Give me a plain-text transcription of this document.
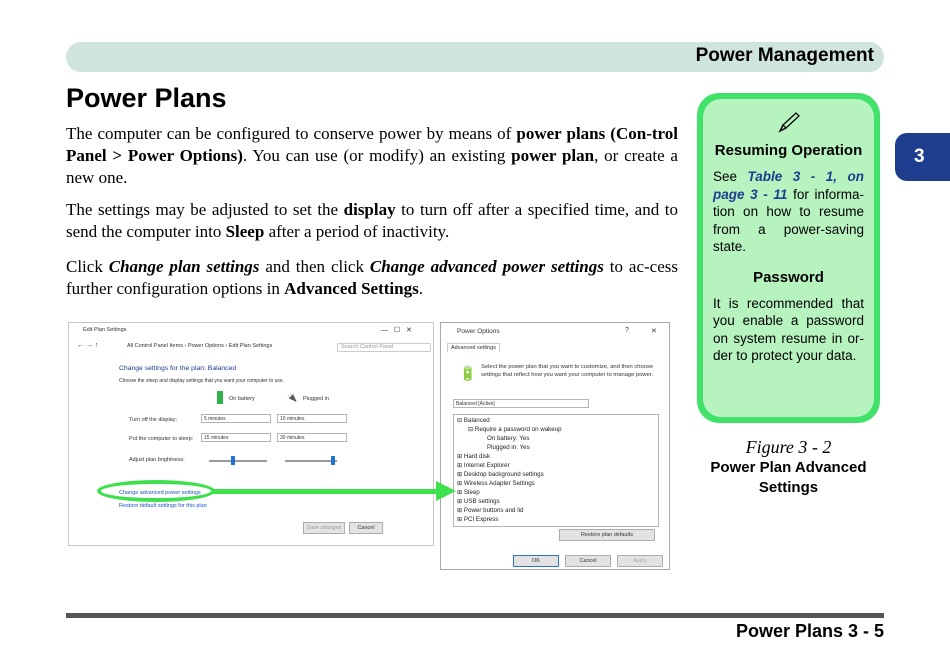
Power Management
3
Power Plans

The computer can be configured to conserve power by means of power plans (Con-trol Panel > Power Options). You can use (or modify) an existing power plan, or create a new one.

The settings may be adjusted to set the display to turn off after a specified time, and to send the computer into Sleep after a period of inactivity.

Click Change plan settings and then click Change advanced power settings to ac-cess further configuration options in Advanced Settings.

Resuming Operation

See Table 3 - 1, on page 3 - 11 for informa-tion on how to resume from a power-saving state.

Password

It is recommended that you enable a password on system resume in or-der to protect your data.

Figure 3 - 2
Power Plan Advanced Settings
Edit Plan Settings	—   ☐   ✕
← → ↑	All Control Panel Items › Power Options › Edit Plan Settings	Search Control Panel
Change settings for the plan: Balanced
Choose the sleep and display settings that you want your computer to use.
On battery	🔌 Plugged in
Turn off the display:	5 minutes	10 minutes
Put the computer to sleep:	15 minutes	30 minutes
Adjust plan brightness:
Change advanced power settings
Restore default settings for this plan
Save changes	Cancel
Power Options	?	✕
Advanced settings
🔋 Select the power plan that you want to customize, and then choose settings that reflect how you want your computer to manage power.
Balanced [Active]
⊟ Balanced
⊟ Require a password on wakeup
On battery: Yes
Plugged in: Yes
⊞ Hard disk
⊞ Internet Explorer
⊞ Desktop background settings
⊞ Wireless Adapter Settings
⊞ Sleep
⊞ USB settings
⊞ Power buttons and lid
⊞ PCI Express
Restore plan defaults
OK	Cancel	Apply
Power Plans 3 - 5
